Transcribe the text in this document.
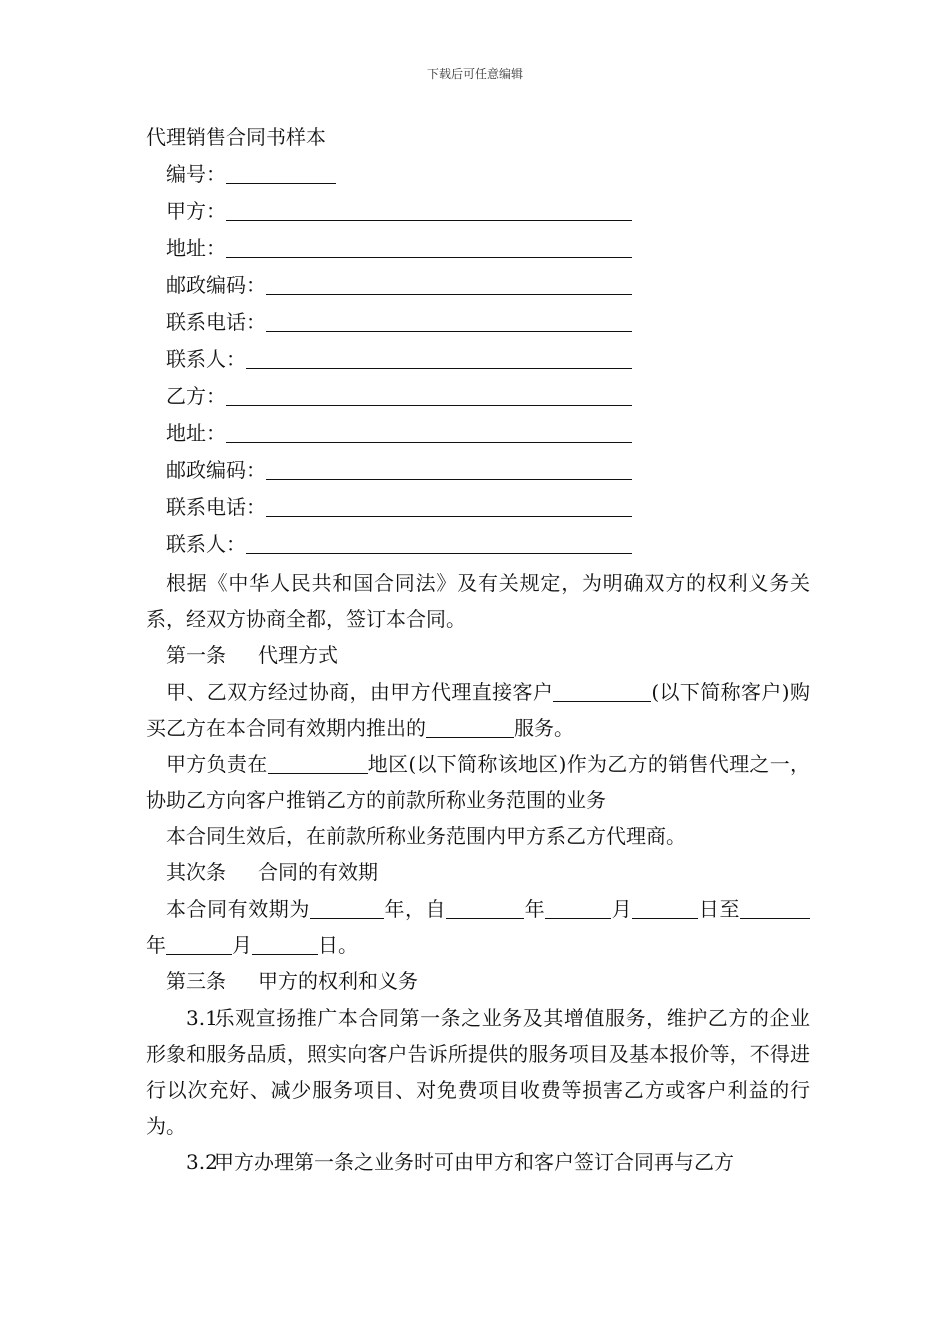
下载后可任意编辑
代理销售合同书样本
编号：
甲方：
地址：
邮政编码：
联系电话：
联系人：
乙方：
地址：
邮政编码：
联系电话：
联系人：

根据《中华人民共和国合同法》及有关规定，为明确双方的权利义务关系，经双方协商全都，签订本合同。

第一条 代理方式

甲、乙双方经过协商，由甲方代理直接客户	(以下简称客户)购买乙方在本合同有效期内推出的	服务。

甲方负责在	地区(以下简称该地区)作为乙方的销售代理之一，协助乙方向客户推销乙方的前款所称业务范围的业务

本合同生效后，在前款所称业务范围内甲方系乙方代理商。

其次条 合同的有效期

本合同有效期为	年，自	年	月	日至年	月	日。

第三条 甲方的权利和义务

3.1乐观宣扬推广本合同第一条之业务及其增值服务，维护乙方的企业形象和服务品质，照实向客户告诉所提供的服务项目及基本报价等，不得进行以次充好、减少服务项目、对免费项目收费等损害乙方或客户利益的行为。

3.2甲方办理第一条之业务时可由甲方和客户签订合同再与乙方
